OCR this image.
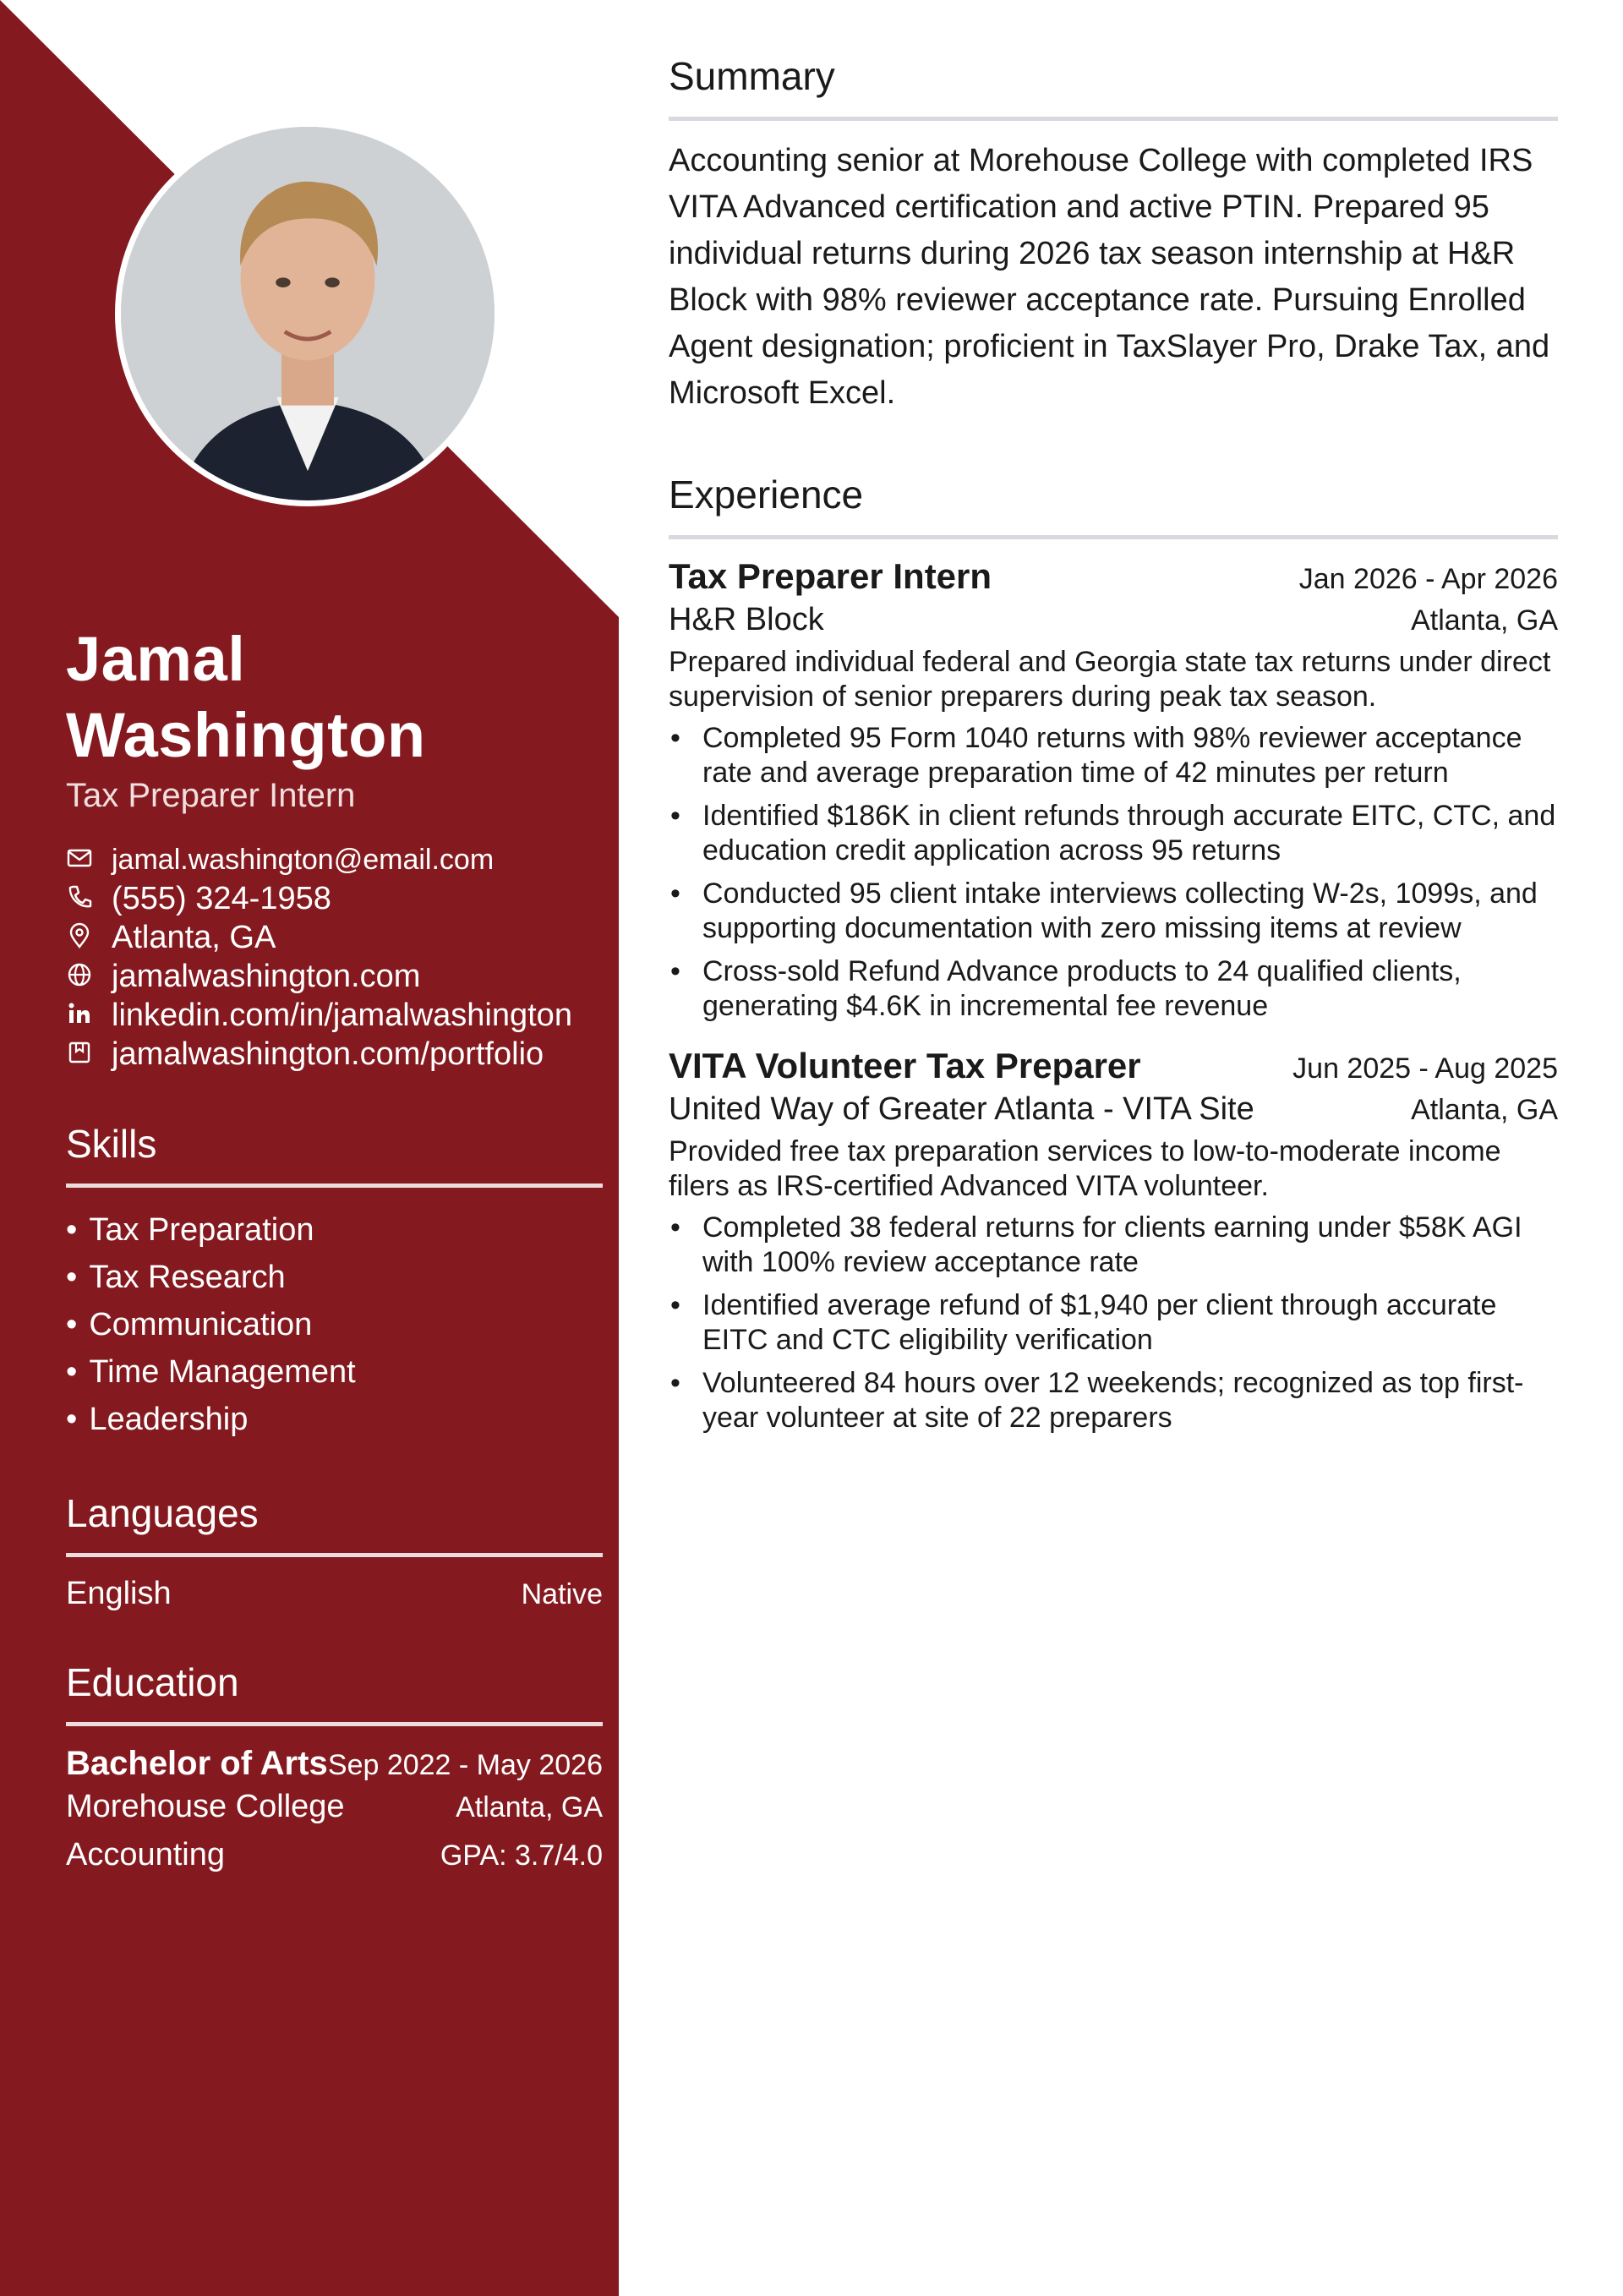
Jamal Washington
Tax Preparer Intern
jamal.washington@email.com
(555) 324-1958
Atlanta, GA
jamalwashington.com
linkedin.com/in/jamalwashington
jamalwashington.com/portfolio
Skills
• Tax Preparation
• Tax Research
• Communication
• Time Management
• Leadership
Languages
English	Native
Education
Bachelor of Arts Sep 2022 - May 2026
Morehouse College	Atlanta, GA
Accounting	GPA: 3.7/4.0
Summary

Accounting senior at Morehouse College with completed IRS VITA Advanced certification and active PTIN. Prepared 95 individual returns during 2026 tax season internship at H&R Block with 98% reviewer acceptance rate. Pursuing Enrolled Agent designation; proficient in TaxSlayer Pro, Drake Tax, and Microsoft Excel.

Experience
Tax Preparer Intern	Jan 2026 - Apr 2026
H&R Block	Atlanta, GA

Prepared individual federal and Georgia state tax returns under direct supervision of senior preparers during peak tax season.

• Completed 95 Form 1040 returns with 98% reviewer acceptance rate and average preparation time of 42 minutes per return
• Identified $186K in client refunds through accurate EITC, CTC, and education credit application across 95 returns
• Conducted 95 client intake interviews collecting W-2s, 1099s, and supporting documentation with zero missing items at review
• Cross-sold Refund Advance products to 24 qualified clients, generating $4.6K in incremental fee revenue
VITA Volunteer Tax Preparer	Jun 2025 - Aug 2025
United Way of Greater Atlanta - VITA Site	Atlanta, GA

Provided free tax preparation services to low-to-moderate income filers as IRS-certified Advanced VITA volunteer.

• Completed 38 federal returns for clients earning under $58K AGI with 100% review acceptance rate
• Identified average refund of $1,940 per client through accurate EITC and CTC eligibility verification
• Volunteered 84 hours over 12 weekends; recognized as top first-year volunteer at site of 22 preparers
